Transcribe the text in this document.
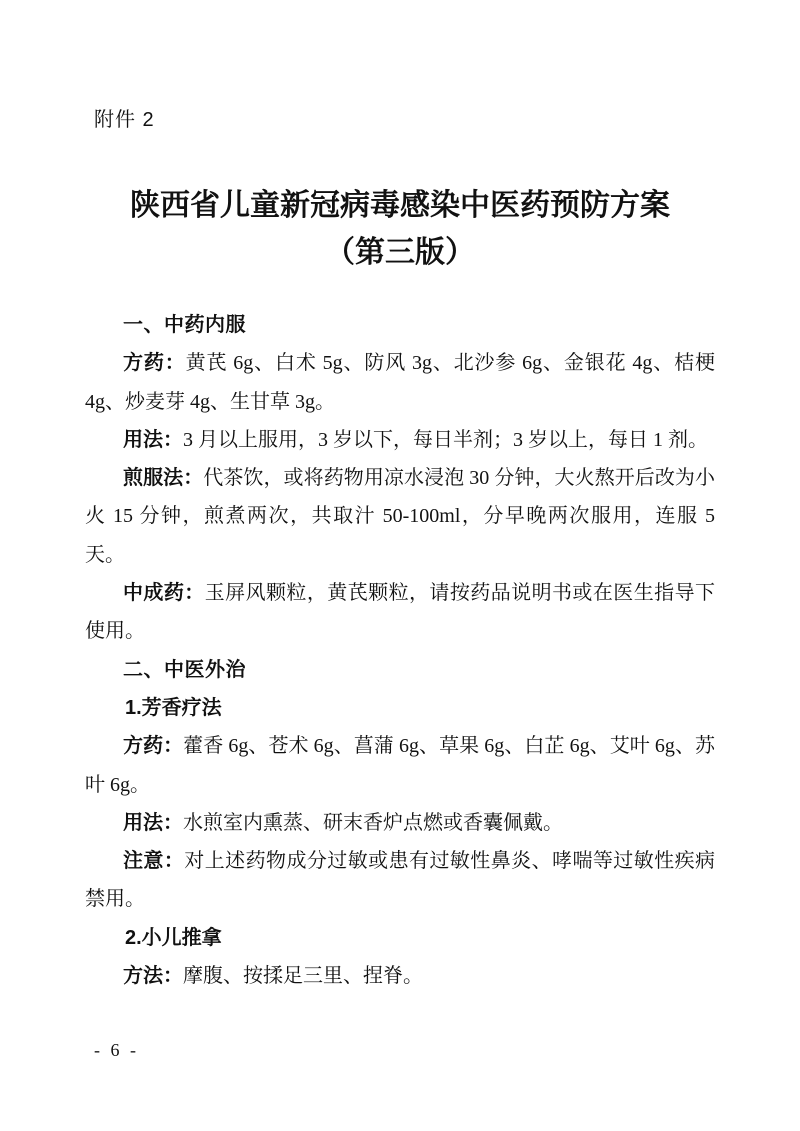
附件 2
陕西省儿童新冠病毒感染中医药预防方案
（第三版）
一、中药内服

方药：黄芪 6g、白术 5g、防风 3g、北沙参 6g、金银花 4g、桔梗 4g、炒麦芽 4g、生甘草 3g。

用法：3 月以上服用，3 岁以下，每日半剂；3 岁以上，每日 1 剂。

煎服法：代茶饮，或将药物用凉水浸泡 30 分钟，大火熬开后改为小火 15 分钟，煎煮两次，共取汁 50-100ml，分早晚两次服用，连服 5 天。

中成药：玉屏风颗粒，黄芪颗粒，请按药品说明书或在医生指导下使用。

二、中医外治
1.芳香疗法

方药：藿香 6g、苍术 6g、菖蒲 6g、草果 6g、白芷 6g、艾叶 6g、苏叶 6g。

用法：水煎室内熏蒸、研末香炉点燃或香囊佩戴。

注意：对上述药物成分过敏或患有过敏性鼻炎、哮喘等过敏性疾病禁用。

2.小儿推拿

方法：摩腹、按揉足三里、捏脊。

- 6 -
